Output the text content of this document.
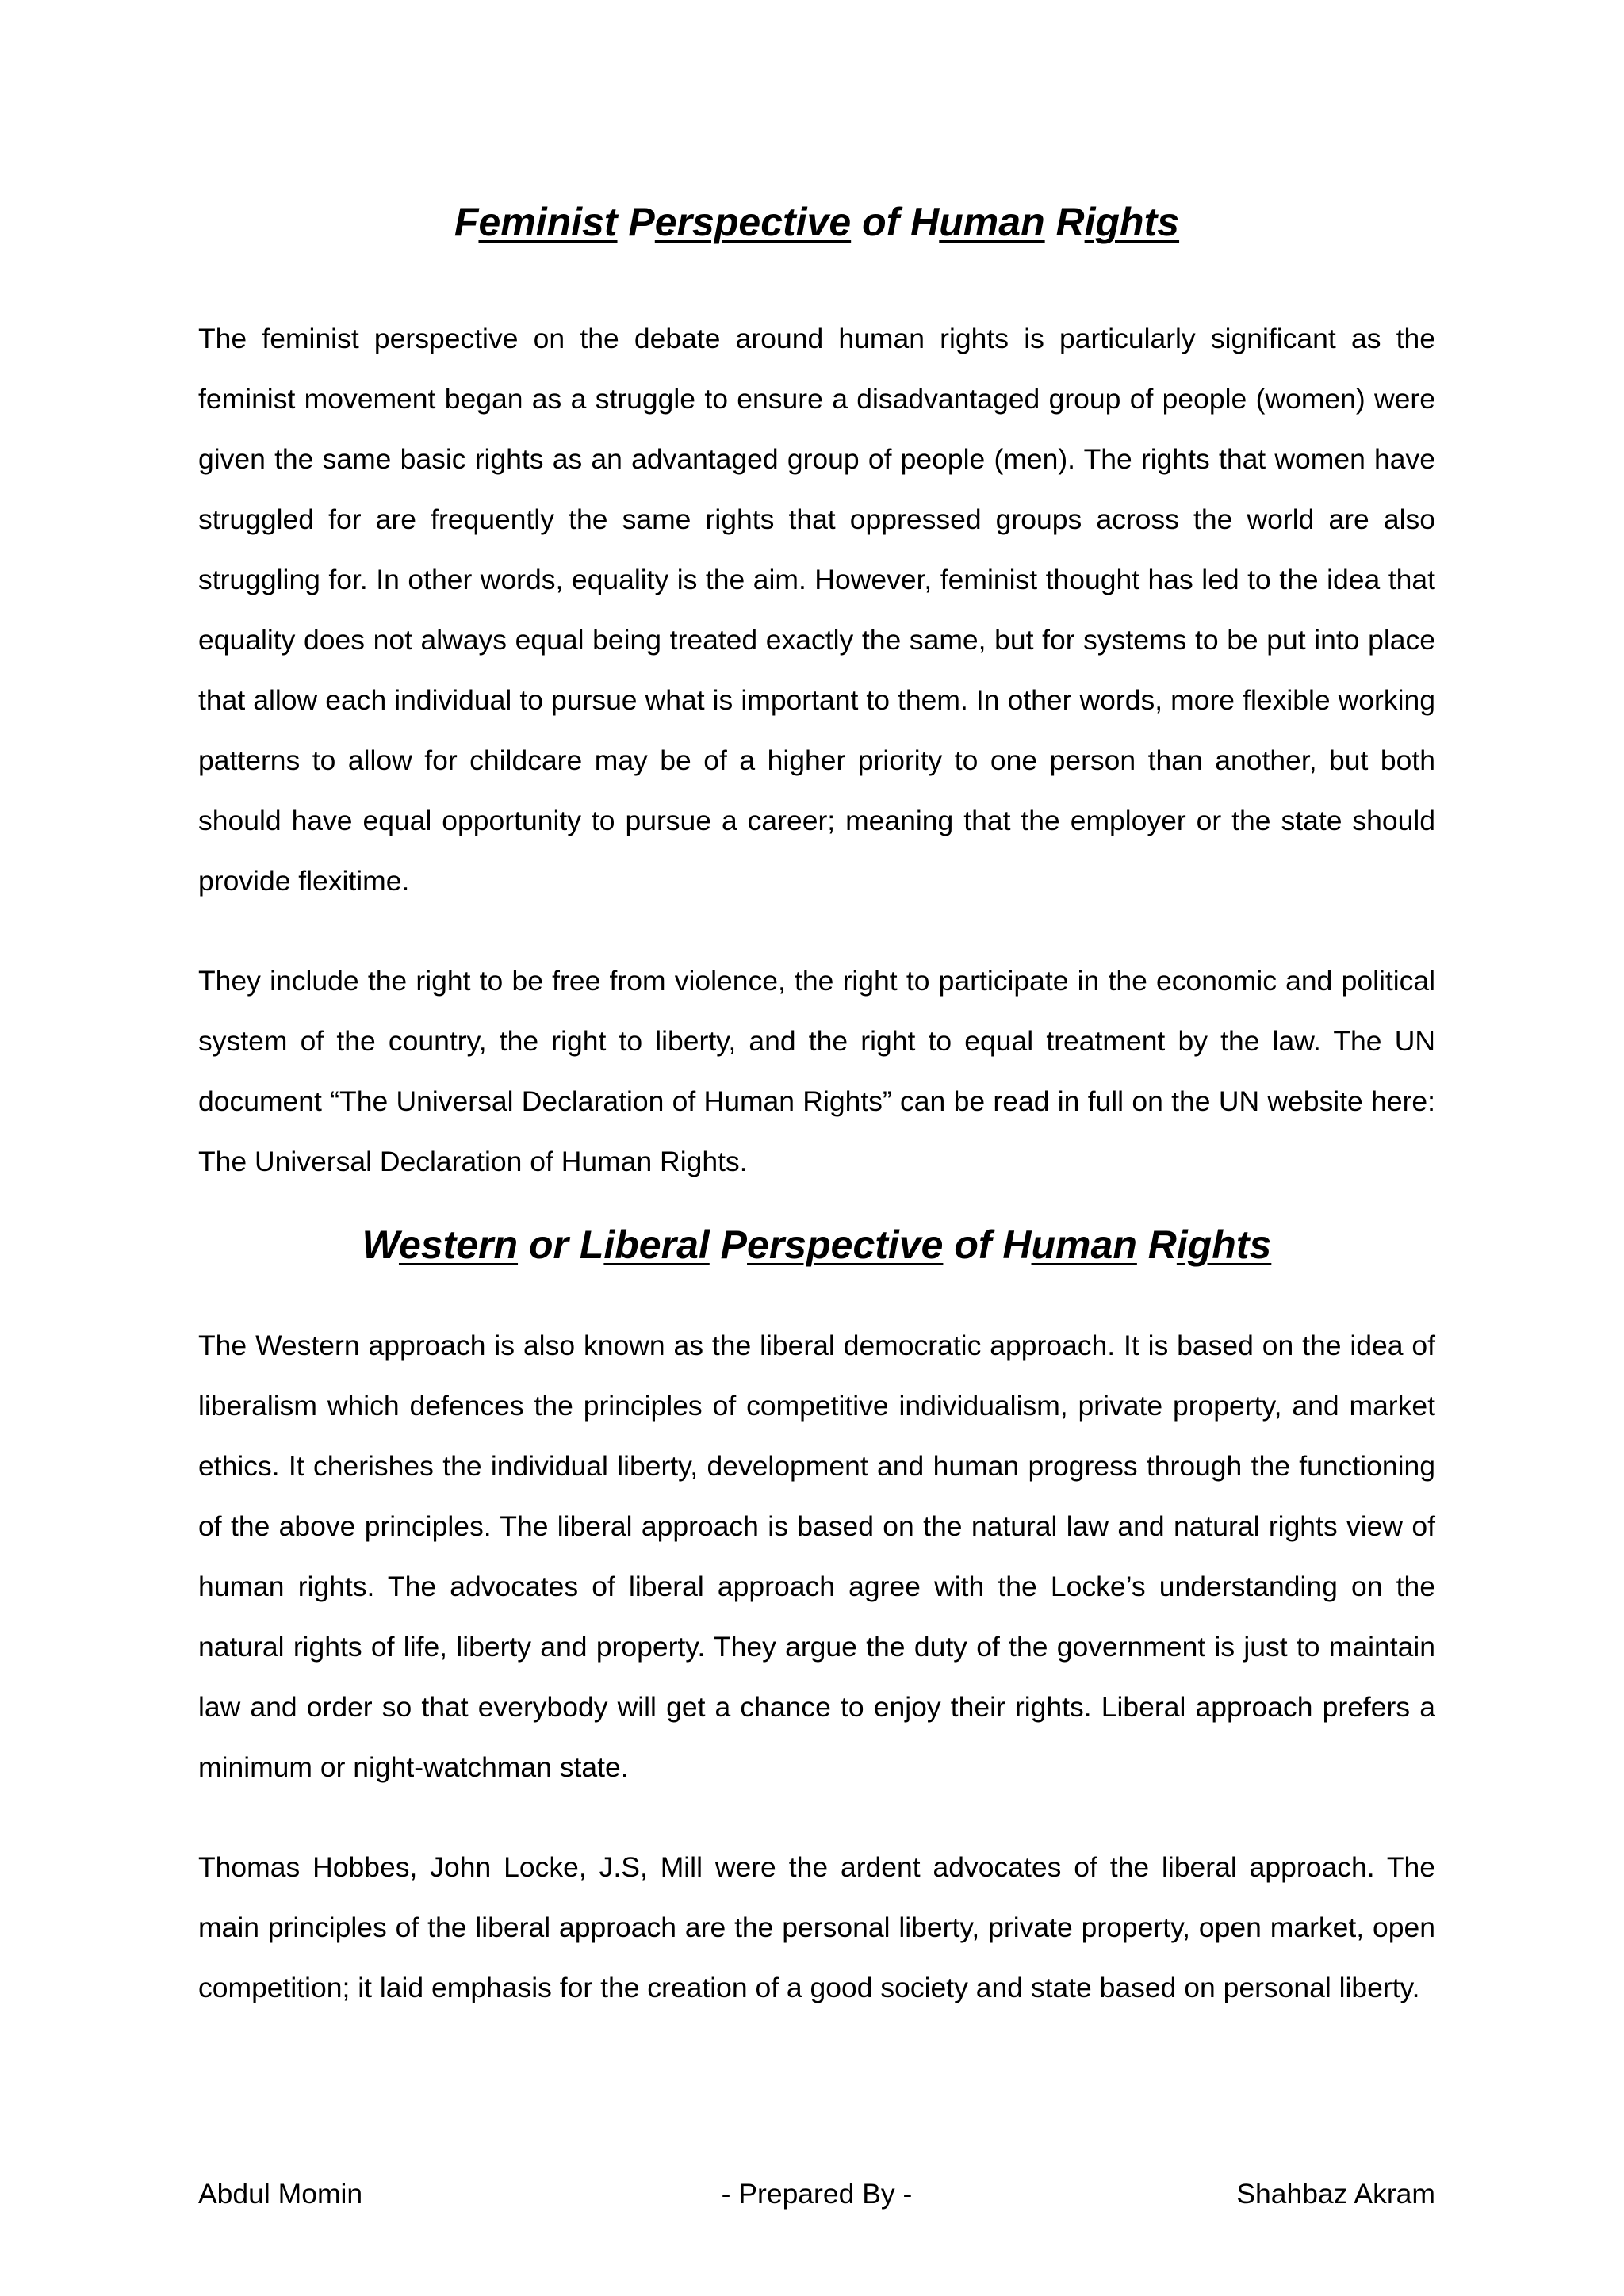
Feminist Perspective of Human Rights

The feminist perspective on the debate around human rights is particularly significant as the feminist movement began as a struggle to ensure a disadvantaged group of people (women) were given the same basic rights as an advantaged group of people (men). The rights that women have struggled for are frequently the same rights that oppressed groups across the world are also struggling for. In other words, equality is the aim. However, feminist thought has led to the idea that equality does not always equal being treated exactly the same, but for systems to be put into place that allow each individual to pursue what is important to them. In other words, more flexible working patterns to allow for childcare may be of a higher priority to one person than another, but both should have equal opportunity to pursue a career; meaning that the employer or the state should provide flexitime.

They include the right to be free from violence, the right to participate in the economic and political system of the country, the right to liberty, and the right to equal treatment by the law. The UN document “The Universal Declaration of Human Rights” can be read in full on the UN website here: The Universal Declaration of Human Rights.

Western or Liberal Perspective of Human Rights

The Western approach is also known as the liberal democratic approach. It is based on the idea of liberalism which defences the principles of competitive individualism, private property, and market ethics. It cherishes the individual liberty, development and human progress through the functioning of the above principles. The liberal approach is based on the natural law and natural rights view of human rights. The advocates of liberal approach agree with the Locke’s understanding on the natural rights of life, liberty and property. They argue the duty of the government is just to maintain law and order so that everybody will get a chance to enjoy their rights. Liberal approach prefers a minimum or night-watchman state.

Thomas Hobbes, John Locke, J.S, Mill were the ardent advocates of the liberal approach. The main principles of the liberal approach are the personal liberty, private property, open market, open competition; it laid emphasis for the creation of a good society and state based on personal liberty.

Abdul Momin	- Prepared By -	Shahbaz Akram
